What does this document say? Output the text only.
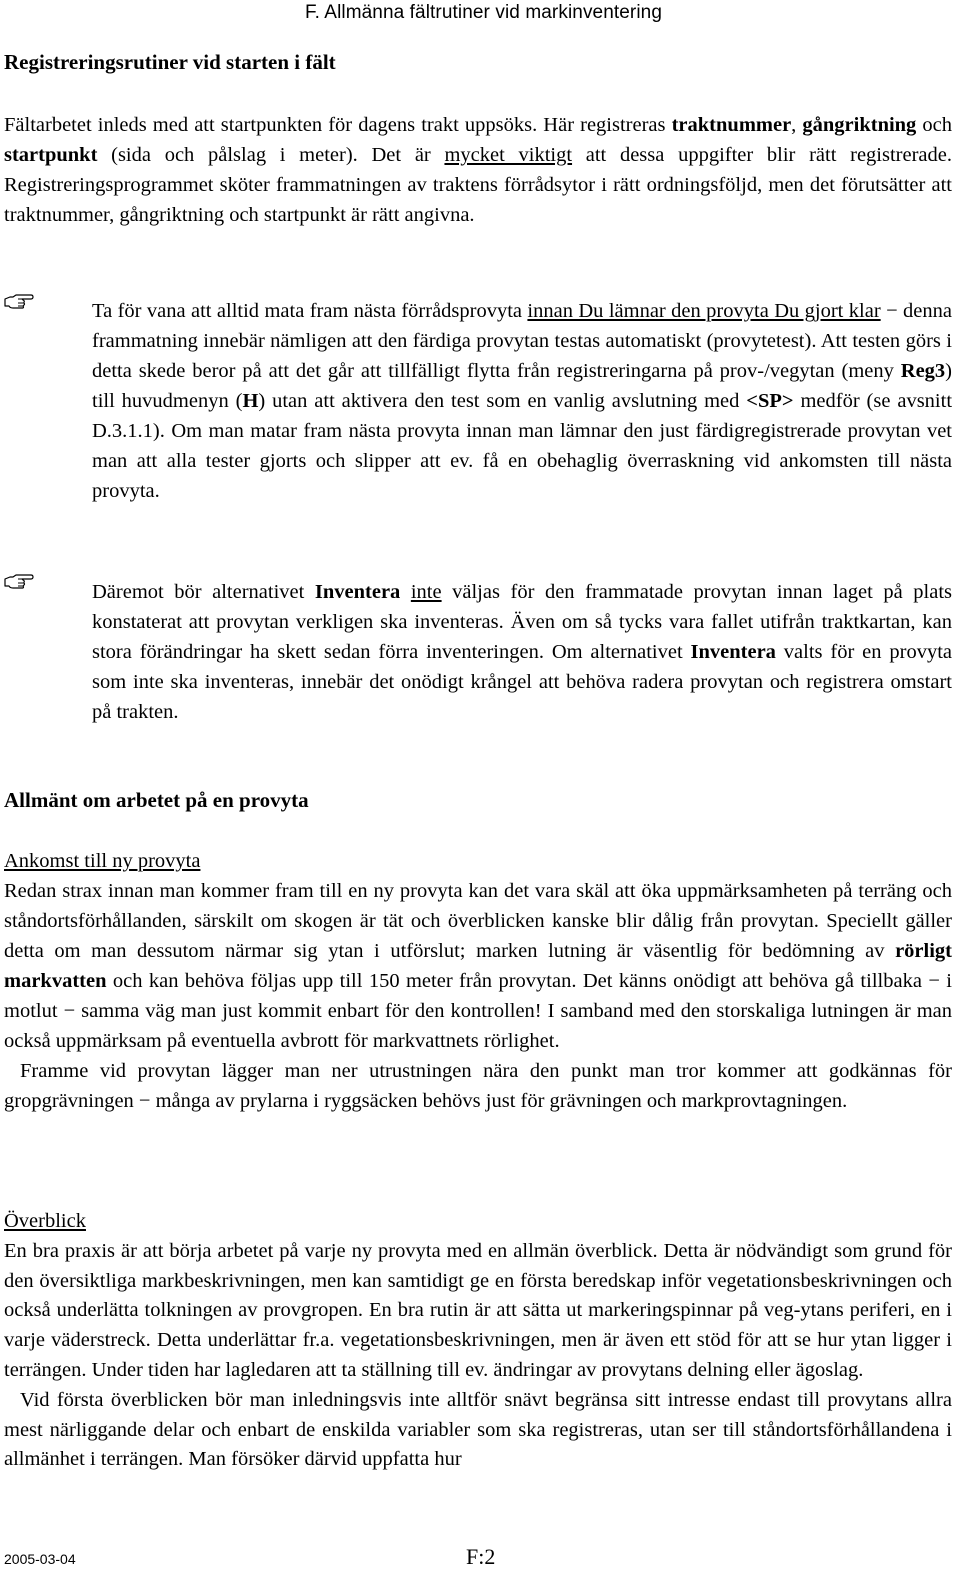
F. Allmänna fältrutiner vid markinventering
Registreringsrutiner vid starten i fält
Fältarbetet inleds med att startpunkten för dagens trakt uppsöks. Här registreras traktnummer, gångriktning och startpunkt (sida och pålslag i meter). Det är mycket viktigt att dessa uppgifter blir rätt registrerade. Registreringsprogrammet sköter frammatningen av traktens förrådsytor i rätt ordningsföljd, men det förutsätter att traktnummer, gångriktning och startpunkt är rätt angivna.
Ta för vana att alltid mata fram nästa förrådsprovyta innan Du lämnar den provyta Du gjort klar − denna frammatning innebär nämligen att den färdiga provytan testas automatiskt (provytetest). Att testen görs i detta skede beror på att det går att tillfälligt flytta från registreringarna på prov-/vegytan (meny Reg3) till huvudmenyn (H) utan att aktivera den test som en vanlig avslutning med <SP> medför (se avsnitt D.3.1.1). Om man matar fram nästa provyta innan man lämnar den just färdigregistrerade provytan vet man att alla tester gjorts och slipper att ev. få en obehaglig överraskning vid ankomsten till nästa provyta.
Däremot bör alternativet Inventera inte väljas för den frammatade provytan innan laget på plats konstaterat att provytan verkligen ska inventeras. Även om så tycks vara fallet utifrån traktkartan, kan stora förändringar ha skett sedan förra inventeringen. Om alternativet Inventera valts för en provyta som inte ska inventeras, innebär det onödigt krångel att behöva radera provytan och registrera omstart på trakten.
Allmänt om arbetet på en provyta
Ankomst till ny provyta
Redan strax innan man kommer fram till en ny provyta kan det vara skäl att öka uppmärksamheten på terräng och ståndortsförhållanden, särskilt om skogen är tät och överblicken kanske blir dålig från provytan. Speciellt gäller detta om man dessutom närmar sig ytan i utförslut; marken lutning är väsentlig för bedömning av rörligt markvatten och kan behöva följas upp till 150 meter från provytan. Det känns onödigt att behöva gå tillbaka − i motlut − samma väg man just kommit enbart för den kontrollen! I samband med den storskaliga lutningen är man också uppmärksam på eventuella avbrott för markvattnets rörlighet.
Framme vid provytan lägger man ner utrustningen nära den punkt man tror kommer att godkännas för gropgrävningen − många av prylarna i ryggsäcken behövs just för grävningen och markprovtagningen.
Överblick
En bra praxis är att börja arbetet på varje ny provyta med en allmän överblick. Detta är nödvändigt som grund för den översiktliga markbeskrivningen, men kan samtidigt ge en första beredskap inför vegetationsbeskrivningen och också underlätta tolkningen av provgropen. En bra rutin är att sätta ut markeringspinnar på veg-ytans periferi, en i varje väderstreck. Detta underlättar fr.a. vegetationsbeskrivningen, men är även ett stöd för att se hur ytan ligger i terrängen. Under tiden har lagledaren att ta ställning till ev. ändringar av provytans delning eller ägoslag.
Vid första överblicken bör man inledningsvis inte alltför snävt begränsa sitt intresse endast till provytans allra mest närliggande delar och enbart de enskilda variabler som ska registreras, utan ser till ståndortsförhållandena i allmänhet i terrängen. Man försöker därvid uppfatta hur
2005-03-04	F:2
